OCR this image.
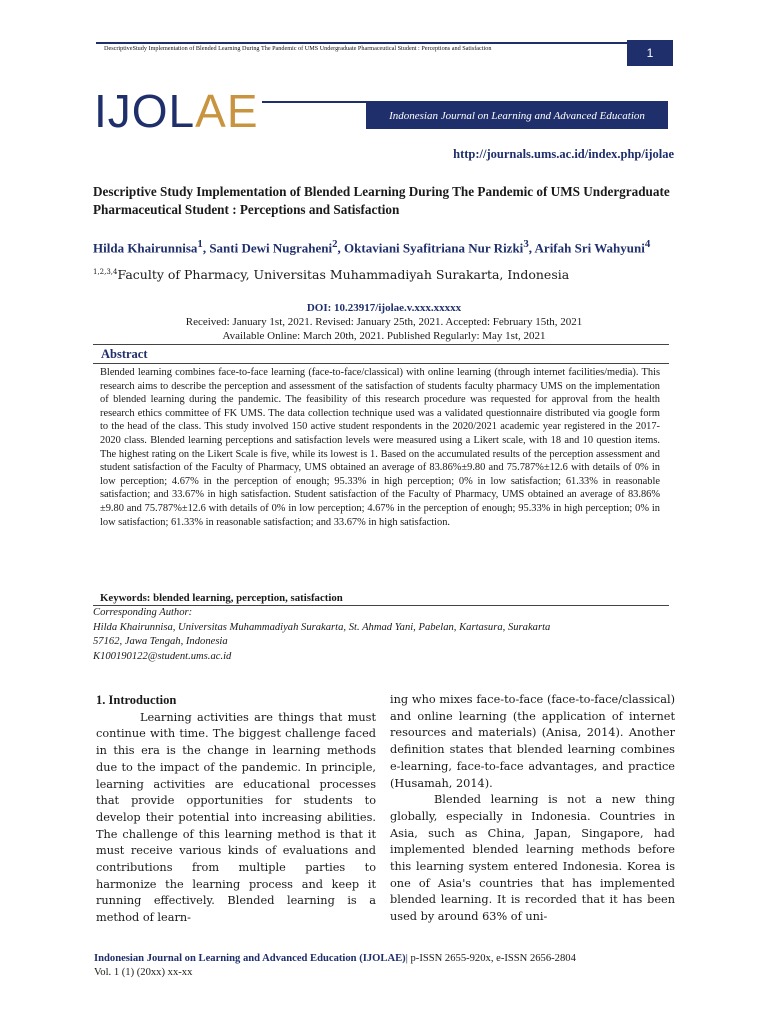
DescriptiveStudy Implementation of Blended Learning During The Pandemic of UMS Undergraduate Pharmaceutical Student : Perceptions and Satisfaction	1
IJOL AE	Indonesian Journal on Learning and Advanced Education
http://journals.ums.ac.id/index.php/ijolae
Descriptive Study Implementation of Blended Learning During The Pandemic of UMS Undergraduate Pharmaceutical Student : Perceptions and Satisfaction
Hilda Khairunnisa$^1$, Santi Dewi Nugraheni$^2$, Oktaviani Syafitriana Nur Rizki$^3$, Arifah Sri Wahyuni$^4$
$^{1,2,3,4}$Faculty of Pharmacy, Universitas Muhammadiyah Surakarta, Indonesia
DOI: 10.23917/ijolae.v.xxx.xxxxx
Received: January 1st, 2021. Revised: January 25th, 2021. Accepted: February 15th, 2021
Available Online: March 20th, 2021. Published Regularly: May 1st, 2021
Abstract
Blended learning combines face-to-face learning (face-to-face/classical) with online learning (through internet facilities/media). This research aims to describe the perception and assessment of the satisfaction of students faculty pharmacy UMS on the implementation of blended learning during the pandemic. The feasibility of this research procedure was requested for approval from the health research ethics committee of FK UMS. The data collection technique used was a validated questionnaire distributed via google form to the head of the class. This study involved 150 active student respondents in the 2020/2021 academic year registered in the 2017-2020 class. Blended learning perceptions and satisfaction levels were measured using a Likert scale, with 18 and 10 question items. The highest rating on the Likert Scale is five, while its lowest is 1. Based on the accumulated results of the perception assessment and student satisfaction of the Faculty of Pharmacy, UMS obtained an average of 83.86%±9.80 and 75.787%±12.6 with details of 0% in low perception; 4.67% in the perception of enough; 95.33% in high perception; 0% in low satisfaction; 61.33% in reasonable satisfaction; and 33.67% in high satisfaction. Student satisfaction of the Faculty of Pharmacy, UMS obtained an average of 83.86%±9.80 and 75.787%±12.6 with details of 0% in low perception; 4.67% in the perception of enough; 95.33% in high perception; 0% in low satisfaction; 61.33% in reasonable satisfaction; and 33.67% in high satisfaction.
Keywords: blended learning, perception, satisfaction
Corresponding Author:
Hilda Khairunnisa, Universitas Muhammadiyah Surakarta, St. Ahmad Yani, Pabelan, Kartasura, Surakarta
57162, Jawa Tengah, Indonesia
K100190122@student.ums.ac.id
1. Introduction
Learning activities are things that must continue with time. The biggest challenge faced in this era is the change in learning methods due to the impact of the pandemic. In principle, learning activities are educational processes that provide opportunities for students to develop their potential into increasing abilities. The challenge of this learning method is that it must receive various kinds of evaluations and contributions from multiple parties to harmonize the learning process and keep it running effectively. Blended learning is a method of learn-
ing who mixes face-to-face (face-to-face/classical) and online learning (the application of internet resources and materials) (Anisa, 2014). Another definition states that blended learning combines e-learning, face-to-face advantages, and practice (Husamah, 2014).
Blended learning is not a new thing globally, especially in Indonesia. Countries in Asia, such as China, Japan, Singapore, had implemented blended learning methods before this learning system entered Indonesia. Korea is one of Asia's countries that has implemented blended learning. It is recorded that it has been used by around 63% of uni-
Indonesian Journal on Learning and Advanced Education (IJOLAE)| p-ISSN 2655-920x, e-ISSN 2656-2804
Vol. 1 (1) (20xx) xx-xx
